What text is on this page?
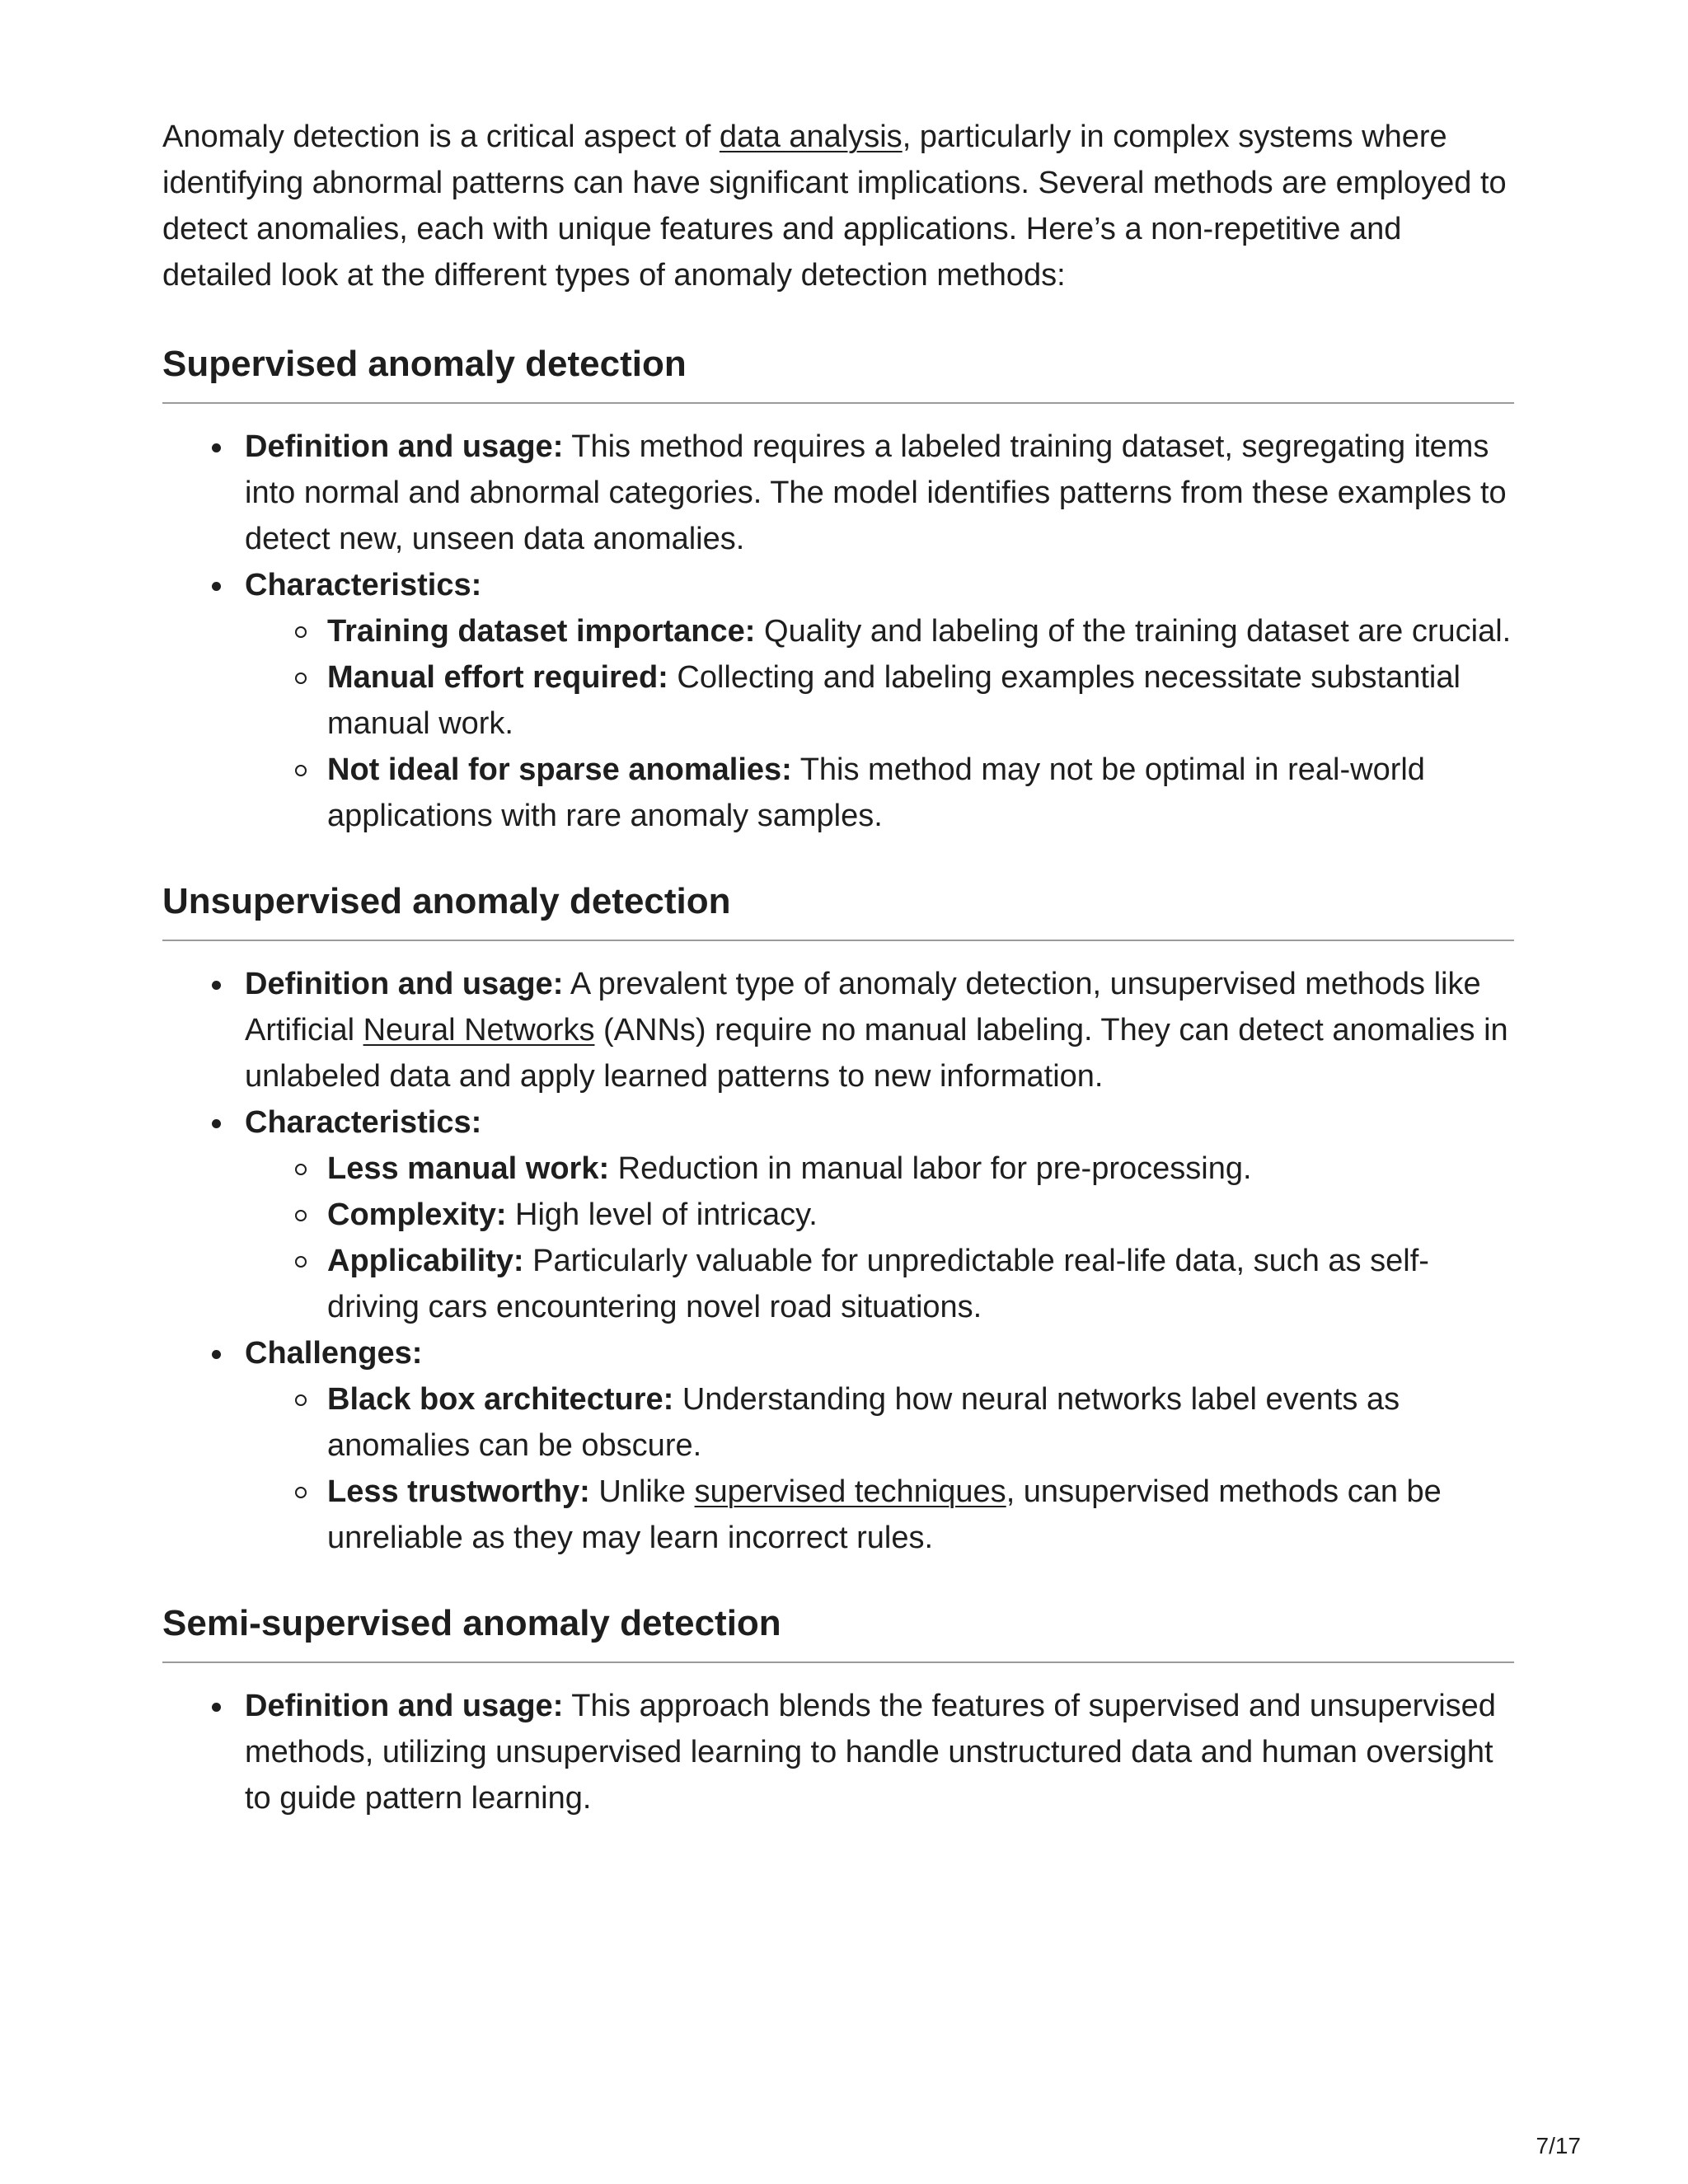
Anomaly detection is a critical aspect of data analysis, particularly in complex systems where identifying abnormal patterns can have significant implications. Several methods are employed to detect anomalies, each with unique features and applications. Here’s a non-repetitive and detailed look at the different types of anomaly detection methods:

Supervised anomaly detection
Definition and usage: This method requires a labeled training dataset, segregating items into normal and abnormal categories. The model identifies patterns from these examples to detect new, unseen data anomalies.
Characteristics:
Training dataset importance: Quality and labeling of the training dataset are crucial.
Manual effort required: Collecting and labeling examples necessitate substantial manual work.
Not ideal for sparse anomalies: This method may not be optimal in real-world applications with rare anomaly samples.
Unsupervised anomaly detection
Definition and usage: A prevalent type of anomaly detection, unsupervised methods like Artificial Neural Networks (ANNs) require no manual labeling. They can detect anomalies in unlabeled data and apply learned patterns to new information.
Characteristics:
Less manual work: Reduction in manual labor for pre-processing.
Complexity: High level of intricacy.
Applicability: Particularly valuable for unpredictable real-life data, such as self-driving cars encountering novel road situations.
Challenges:
Black box architecture: Understanding how neural networks label events as anomalies can be obscure.
Less trustworthy: Unlike supervised techniques, unsupervised methods can be unreliable as they may learn incorrect rules.
Semi-supervised anomaly detection
Definition and usage: This approach blends the features of supervised and unsupervised methods, utilizing unsupervised learning to handle unstructured data and human oversight to guide pattern learning.
7/17
